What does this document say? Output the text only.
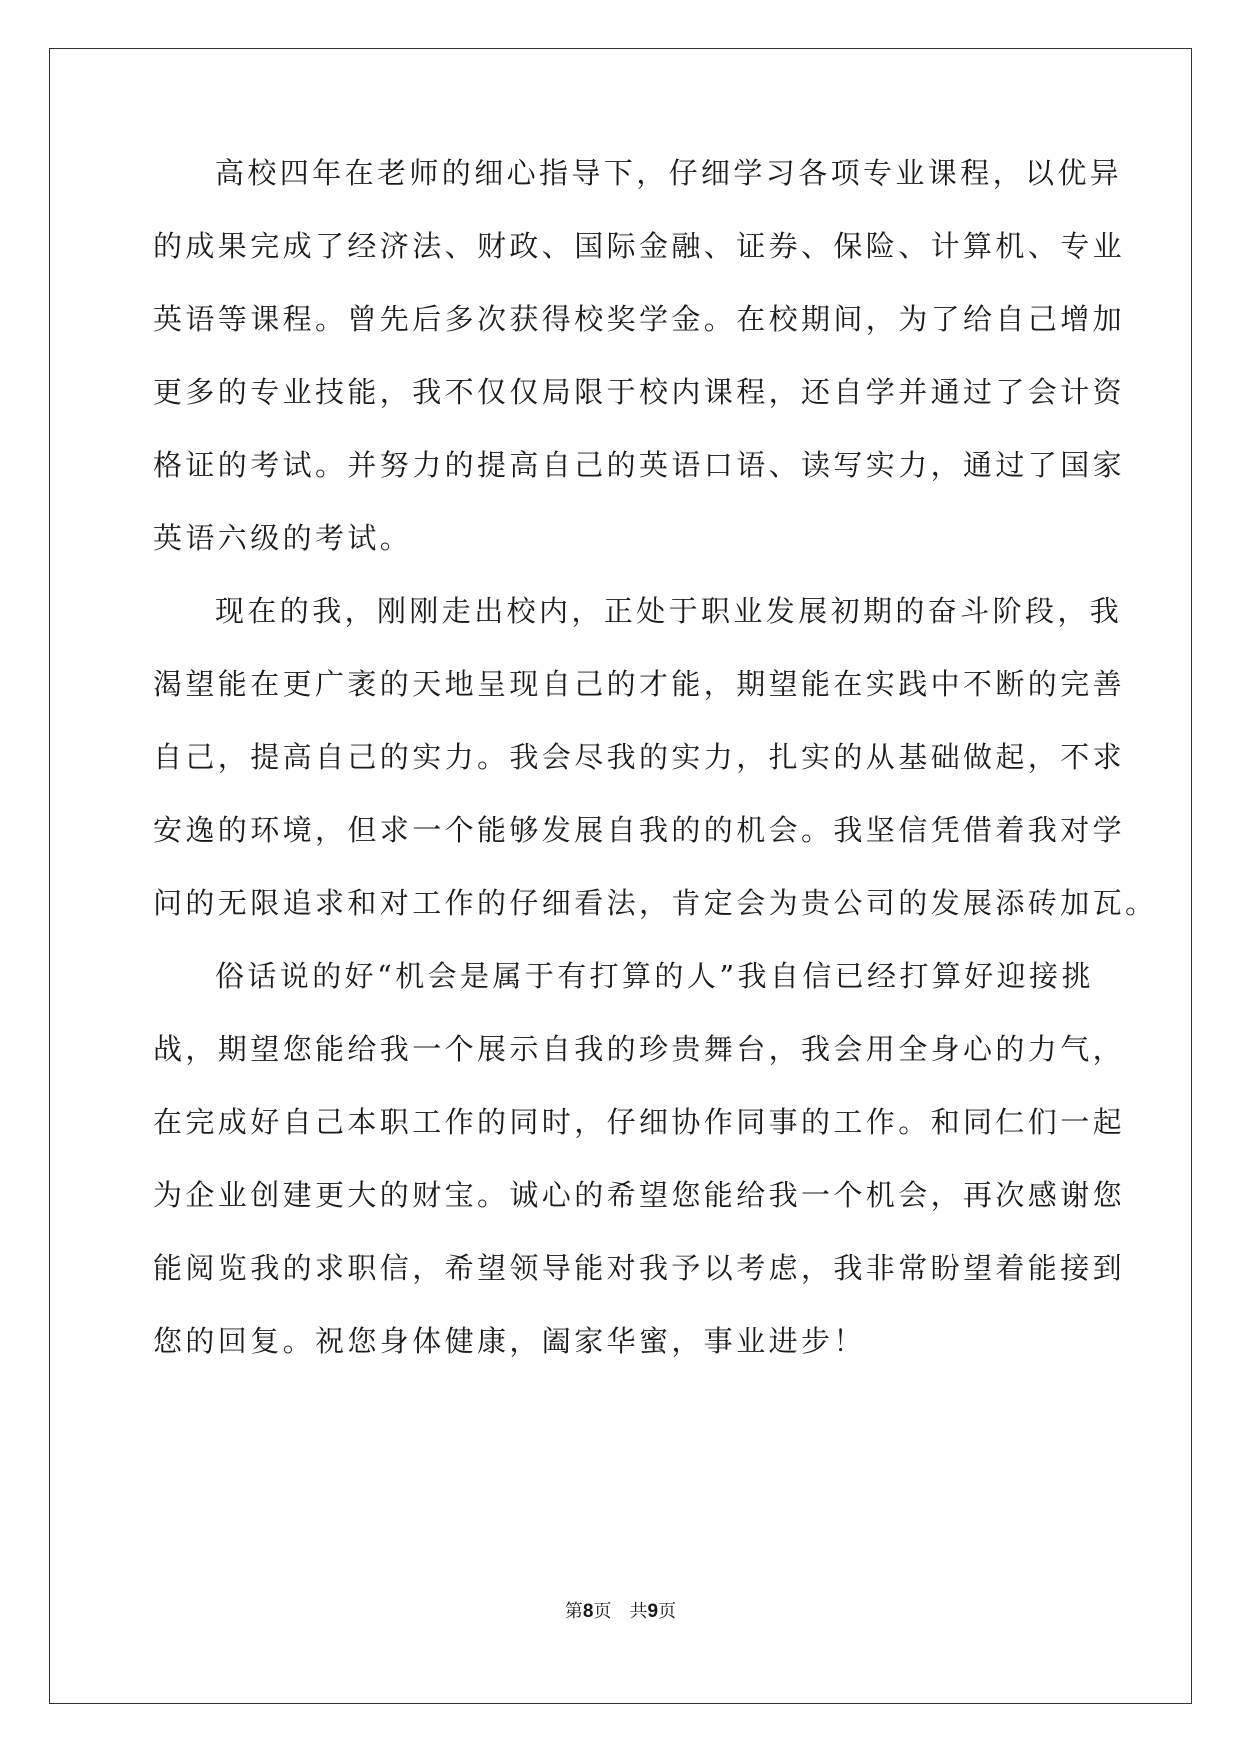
高校四年在老师的细心指导下，仔细学习各项专业课程，以优异
的成果完成了经济法、财政、国际金融、证券、保险、计算机、专业
英语等课程。曾先后多次获得校奖学金。在校期间，为了给自己增加
更多的专业技能，我不仅仅局限于校内课程，还自学并通过了会计资
格证的考试。并努力的提高自己的英语口语、读写实力，通过了国家
英语六级的考试。
现在的我，刚刚走出校内，正处于职业发展初期的奋斗阶段，我
渴望能在更广袤的天地呈现自己的才能，期望能在实践中不断的完善
自己，提高自己的实力。我会尽我的实力，扎实的从基础做起，不求
安逸的环境，但求一个能够发展自我的的机会。我坚信凭借着我对学
问的无限追求和对工作的仔细看法，肯定会为贵公司的发展添砖加瓦。
俗话说的好“机会是属于有打算的人”我自信已经打算好迎接挑
战，期望您能给我一个展示自我的珍贵舞台，我会用全身心的力气，
在完成好自己本职工作的同时，仔细协作同事的工作。和同仁们一起
为企业创建更大的财宝。诚心的希望您能给我一个机会，再次感谢您
能阅览我的求职信，希望领导能对我予以考虑，我非常盼望着能接到
您的回复。祝您身体健康，阖家华蜜，事业进步！
第8页 共9页
